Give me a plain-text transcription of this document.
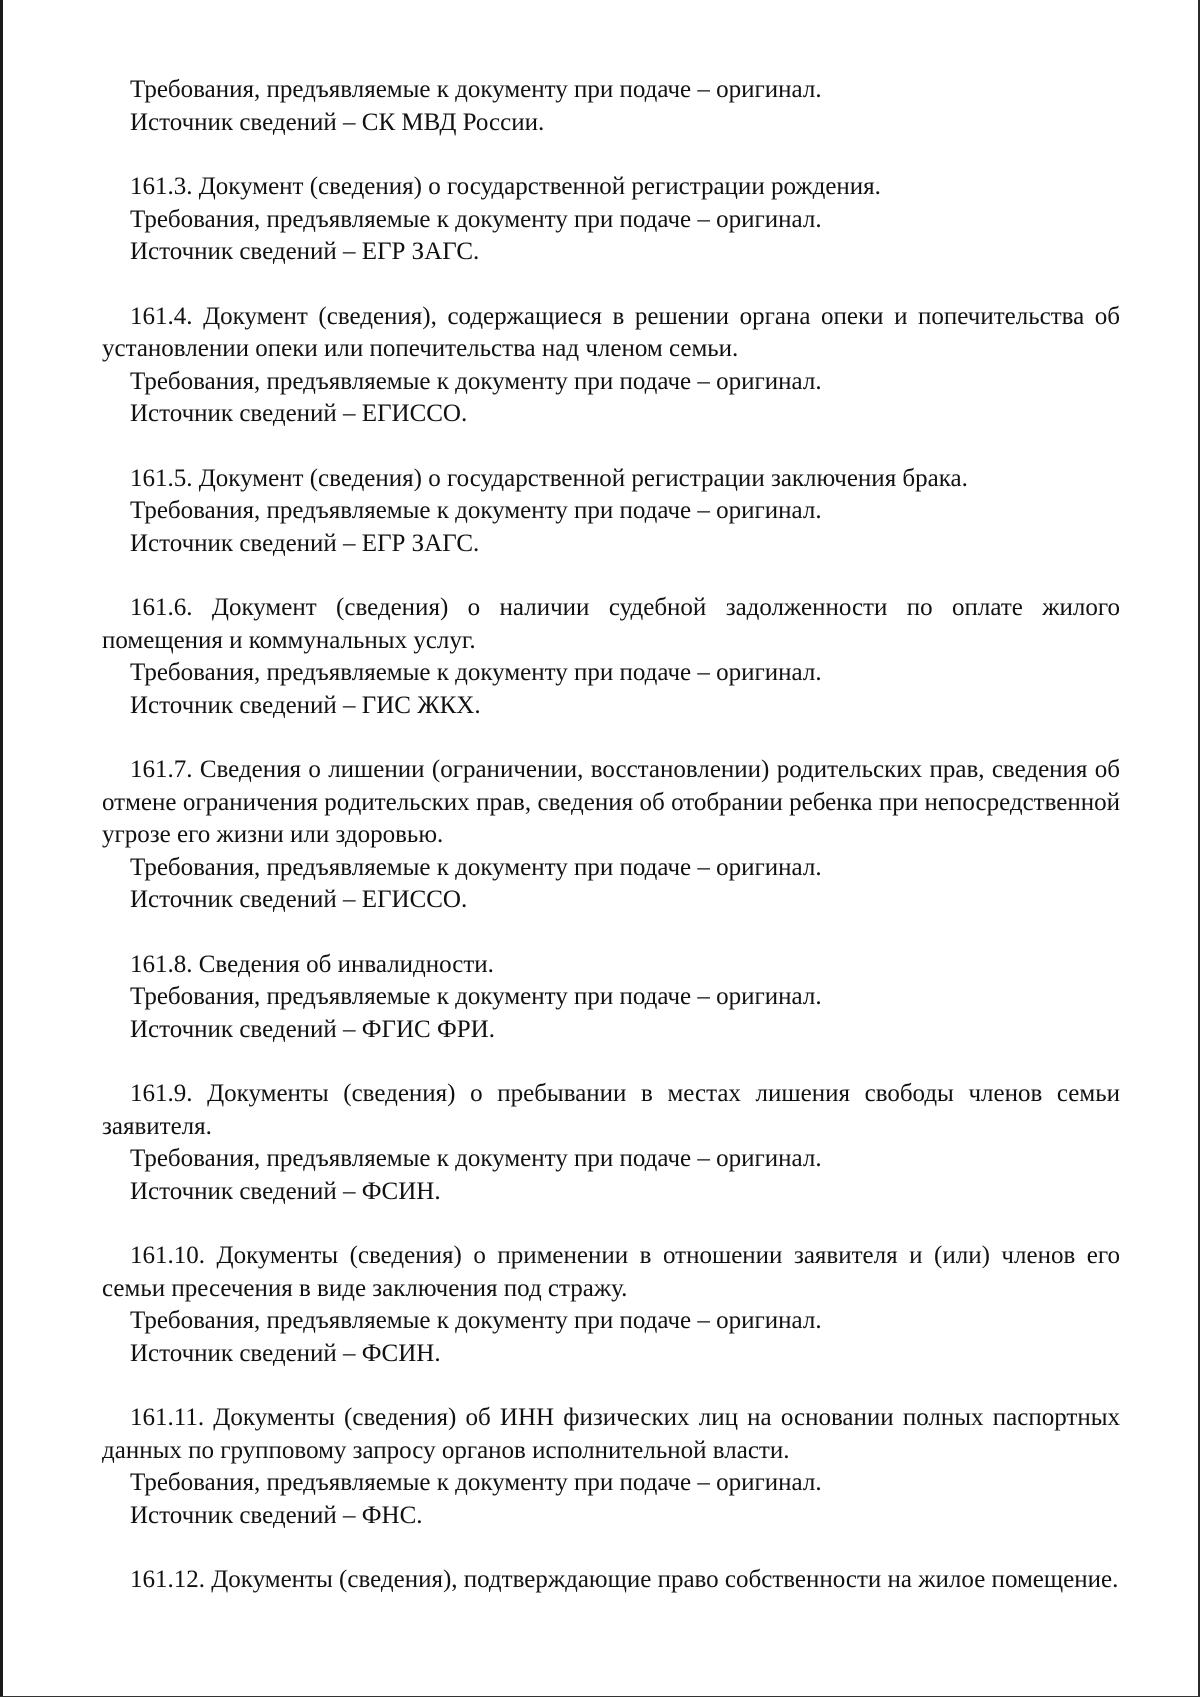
Требования, предъявляемые к документу при подаче – оригинал.

Источник сведений – СК МВД России.

161.3. Документ (сведения) о государственной регистрации рождения.

Требования, предъявляемые к документу при подаче – оригинал.

Источник сведений – ЕГР ЗАГС.

161.4. Документ (сведения), содержащиеся в решении органа опеки и попечительства об установлении опеки или попечительства над членом семьи.

Требования, предъявляемые к документу при подаче – оригинал.

Источник сведений – ЕГИССО.

161.5. Документ (сведения) о государственной регистрации заключения брака.

Требования, предъявляемые к документу при подаче – оригинал.

Источник сведений – ЕГР ЗАГС.

161.6. Документ (сведения) о наличии судебной задолженности по оплате жилого помещения и коммунальных услуг.

Требования, предъявляемые к документу при подаче – оригинал.

Источник сведений – ГИС ЖКХ.

161.7. Сведения о лишении (ограничении, восстановлении) родительских прав, сведения об отмене ограничения родительских прав, сведения об отобрании ребенка при непосредственной угрозе его жизни или здоровью.

Требования, предъявляемые к документу при подаче – оригинал.

Источник сведений – ЕГИССО.

161.8. Сведения об инвалидности.

Требования, предъявляемые к документу при подаче – оригинал.

Источник сведений – ФГИС ФРИ.

161.9. Документы (сведения) о пребывании в местах лишения свободы членов семьи заявителя.

Требования, предъявляемые к документу при подаче – оригинал.

Источник сведений – ФСИН.

161.10. Документы (сведения) о применении в отношении заявителя и (или) членов его семьи пресечения в виде заключения под стражу.

Требования, предъявляемые к документу при подаче – оригинал.

Источник сведений – ФСИН.

161.11. Документы (сведения) об ИНН физических лиц на основании полных паспортных данных по групповому запросу органов исполнительной власти.

Требования, предъявляемые к документу при подаче – оригинал.

Источник сведений – ФНС.

161.12. Документы (сведения), подтверждающие право собственности на жилое помещение.
